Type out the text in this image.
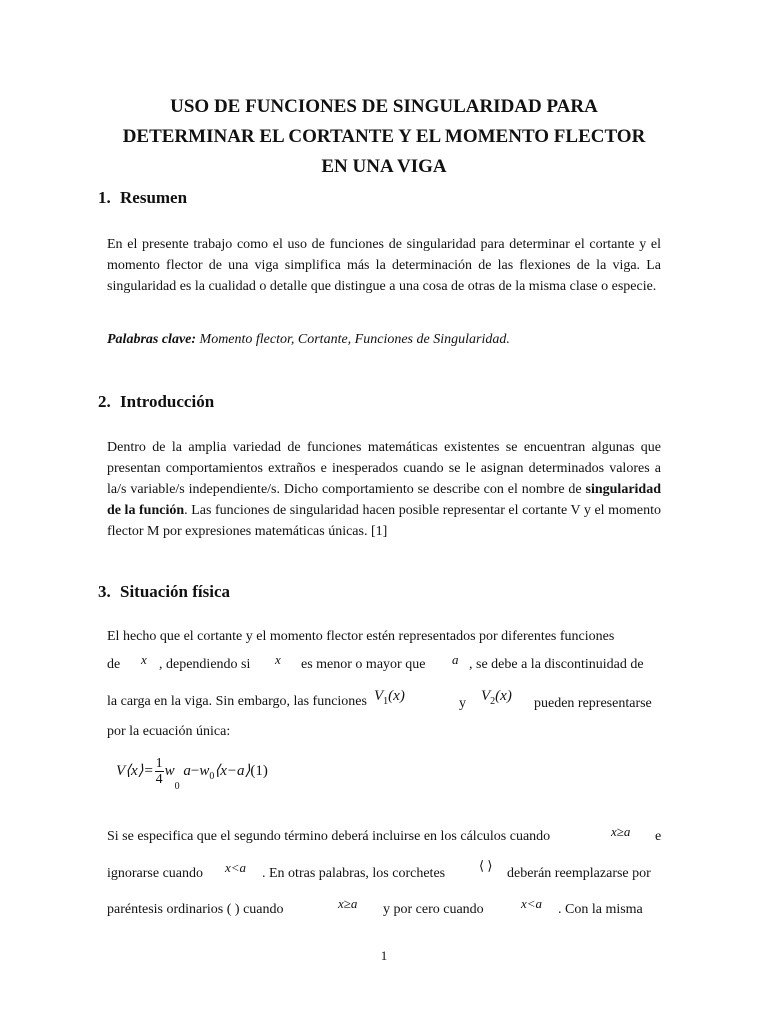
USO DE FUNCIONES DE SINGULARIDAD PARA
DETERMINAR EL CORTANTE Y EL MOMENTO FLECTOR
EN UNA VIGA
1. Resumen
En el presente trabajo como el uso de funciones de singularidad para determinar el cortante y el momento flector de una viga simplifica más la determinación de las flexiones de la viga. La singularidad es la cualidad o detalle que distingue a una cosa de otras de la misma clase o especie.
Palabras clave: Momento flector, Cortante, Funciones de Singularidad.
2. Introducción
Dentro de la amplia variedad de funciones matemáticas existentes se encuentran algunas que presentan comportamientos extraños e inesperados cuando se le asignan determinados valores a la/s variable/s independiente/s. Dicho comportamiento se describe con el nombre de singularidad de la función. Las funciones de singularidad hacen posible representar el cortante V y el momento flector M por expresiones matemáticas únicas. [1]
3. Situación física
El hecho que el cortante y el momento flector estén representados por diferentes funciones
de x , dependiendo si x es menor o mayor que a , se debe a la discontinuidad de
la carga en la viga. Sin embargo, las funciones $V_1(x)$	y $V_2(x)$ pueden representarse
por la ecuación única:
V⟨x⟩= $\frac{1}{4} w_0$ $a-w_0⟨x-a⟩(1)$
Si se especifica que el segundo término deberá incluirse en los cálculos cuando	x≥a e
ignorarse cuando x<a . En otras palabras, los corchetes
⟨ ⟩
deberán reemplazarse por
paréntesis ordinarios ( ) cuando	x≥a y por cero cuando	x<a . Con la misma
1
